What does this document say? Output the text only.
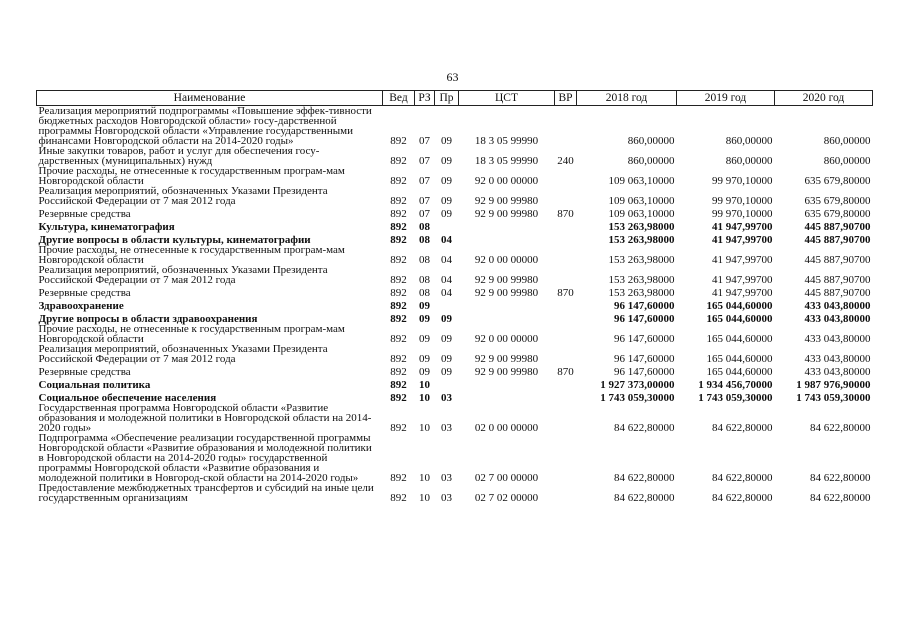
63
Наименование	Вед	РЗ	Пр	ЦСТ	ВР	2018 год	2019 год	2020 год
Реализация мероприятий подпрограммы «Повышение эффек-тивности бюджетных расходов Новгородской области» госу-дарственной программы Новгородской области «Управление государственными финансами Новгородской области на 2014-2020 годы»	892	07	09	18 3 05 99990		860,00000	860,00000	860,00000
Иные закупки товаров, работ и услуг для обеспечения госу-дарственных (муниципальных) нужд	892	07	09	18 3 05 99990	240	860,00000	860,00000	860,00000
Прочие расходы, не отнесенные к государственным програм-мам Новгородской области	892	07	09	92 0 00 00000		109 063,10000	99 970,10000	635 679,80000
Реализация мероприятий, обозначенных Указами Президента Российской Федерации от 7 мая 2012 года	892	07	09	92 9 00 99980		109 063,10000	99 970,10000	635 679,80000
Резервные средства	892	07	09	92 9 00 99980	870	109 063,10000	99 970,10000	635 679,80000
Культура, кинематография	892	08				153 263,98000	41 947,99700	445 887,90700
Другие вопросы в области культуры, кинематографии	892	08	04			153 263,98000	41 947,99700	445 887,90700
Прочие расходы, не отнесенные к государственным програм-мам Новгородской области	892	08	04	92 0 00 00000		153 263,98000	41 947,99700	445 887,90700
Реализация мероприятий, обозначенных Указами Президента Российской Федерации от 7 мая 2012 года	892	08	04	92 9 00 99980		153 263,98000	41 947,99700	445 887,90700
Резервные средства	892	08	04	92 9 00 99980	870	153 263,98000	41 947,99700	445 887,90700
Здравоохранение	892	09				96 147,60000	165 044,60000	433 043,80000
Другие вопросы в области здравоохранения	892	09	09			96 147,60000	165 044,60000	433 043,80000
Прочие расходы, не отнесенные к государственным програм-мам Новгородской области	892	09	09	92 0 00 00000		96 147,60000	165 044,60000	433 043,80000
Реализация мероприятий, обозначенных Указами Президента Российской Федерации от 7 мая 2012 года	892	09	09	92 9 00 99980		96 147,60000	165 044,60000	433 043,80000
Резервные средства	892	09	09	92 9 00 99980	870	96 147,60000	165 044,60000	433 043,80000
Социальная политика	892	10				1 927 373,00000	1 934 456,70000	1 987 976,90000
Социальное обеспечение населения	892	10	03			1 743 059,30000	1 743 059,30000	1 743 059,30000
Государственная программа Новгородской области «Развитие образования и молодежной политики в Новгородской области на 2014-2020 годы»	892	10	03	02 0 00 00000		84 622,80000	84 622,80000	84 622,80000
Подпрограмма «Обеспечение реализации государственной программы Новгородской области «Развитие образования и молодежной политики в Новгородской области на 2014-2020 годы» государственной программы Новгородской области «Развитие образования и молодежной политики в Новгород-ской области на 2014-2020 годы»	892	10	03	02 7 00 00000		84 622,80000	84 622,80000	84 622,80000
Предоставление межбюджетных трансфертов и субсидий на иные цели государственным организациям	892	10	03	02 7 02 00000		84 622,80000	84 622,80000	84 622,80000
